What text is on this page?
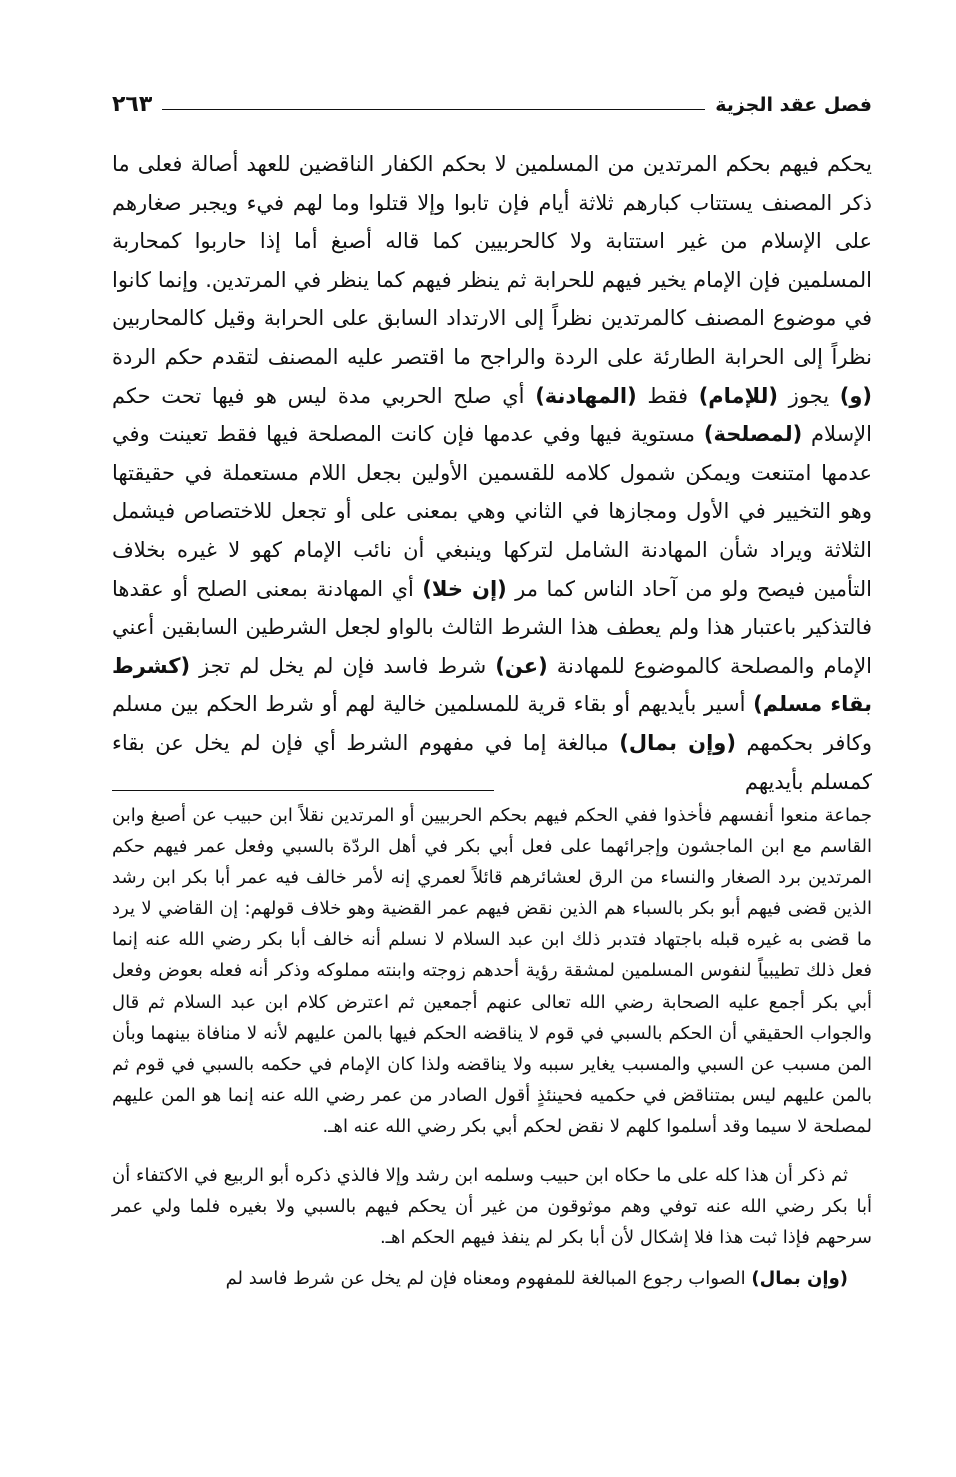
فصل عقد الجزية
٢٦٣

يحكم فيهم بحكم المرتدين من المسلمين لا بحكم الكفار الناقضين للعهد أصالة فعلى ما ذكر المصنف يستتاب كبارهم ثلاثة أيام فإن تابوا وإلا قتلوا وما لهم فيء ويجبر صغارهم على الإسلام من غير استتابة ولا كالحربيين كما قاله أصبغ أما إذا حاربوا كمحاربة المسلمين فإن الإمام يخير فيهم للحرابة ثم ينظر فيهم كما ينظر في المرتدين. وإنما كانوا في موضوع المصنف كالمرتدين نظراً إلى الارتداد السابق على الحرابة وقيل كالمحاربين نظراً إلى الحرابة الطارئة على الردة والراجح ما اقتصر عليه المصنف لتقدم حكم الردة (و) يجوز (للإمام) فقط (المهادنة) أي صلح الحربي مدة ليس هو فيها تحت حكم الإسلام (لمصلحة) مستوية فيها وفي عدمها فإن كانت المصلحة فيها فقط تعينت وفي عدمها امتنعت ويمكن شمول كلامه للقسمين الأولين بجعل اللام مستعملة في حقيقتها وهو التخيير في الأول ومجازها في الثاني وهي بمعنى على أو تجعل للاختصاص فيشمل الثلاثة ويراد شأن المهادنة الشامل لتركها وينبغي أن نائب الإمام كهو لا غيره بخلاف التأمين فيصح ولو من آحاد الناس كما مر (إن خلا) أي المهادنة بمعنى الصلح أو عقدها فالتذكير باعتبار هذا ولم يعطف هذا الشرط الثالث بالواو لجعل الشرطين السابقين أعني الإمام والمصلحة كالموضوع للمهادنة (عن) شرط فاسد فإن لم يخل لم تجز (كشرط بقاء مسلم) أسير بأيديهم أو بقاء قرية للمسلمين خالية لهم أو شرط الحكم بين مسلم وكافر بحكمهم (وإن بمال) مبالغة إما في مفهوم الشرط أي فإن لم يخل عن بقاء كمسلم بأيديهم

جماعة منعوا أنفسهم فأخذوا ففي الحكم فيهم بحكم الحربيين أو المرتدين نقلاً ابن حبيب عن أصبغ وابن القاسم مع ابن الماجشون وإجرائهما على فعل أبي بكر في أهل الردّة بالسبي وفعل عمر فيهم حكم المرتدين برد الصغار والنساء من الرق لعشائرهم قائلاً لعمري إنه لأمر خالف فيه عمر أبا بكر ابن رشد الذين قضى فيهم أبو بكر بالسباء هم الذين نقض فيهم عمر القضية وهو خلاف قولهم: إن القاضي لا يرد ما قضى به غيره قبله باجتهاد فتدبر ذلك ابن عبد السلام لا نسلم أنه خالف أبا بكر رضي الله عنه إنما فعل ذلك تطيبياً لنفوس المسلمين لمشقة رؤية أحدهم زوجته وابنته مملوكه وذكر أنه فعله بعوض وفعل أبي بكر أجمع عليه الصحابة رضي الله تعالى عنهم أجمعين ثم اعترض كلام ابن عبد السلام ثم قال والجواب الحقيقي أن الحكم بالسبي في قوم لا يناقضه الحكم فيها بالمن عليهم لأنه لا منافاة بينهما وبأن المن مسبب عن السبي والمسبب يغاير سببه ولا يناقضه ولذا كان الإمام في حكمه بالسبي في قوم ثم بالمن عليهم ليس بمتناقض في حكميه فحينئذٍ أقول الصادر من عمر رضي الله عنه إنما هو المن عليهم لمصلحة لا سيما وقد أسلموا كلهم لا نقض لحكم أبي بكر رضي الله عنه اهـ.

ثم ذكر أن هذا كله على ما حكاه ابن حبيب وسلمه ابن رشد وإلا فالذي ذكره أبو الربيع في الاكتفاء أن أبا بكر رضي الله عنه توفي وهم موثوقون من غير أن يحكم فيهم بالسبي ولا بغيره فلما ولي عمر سرحهم فإذا ثبت هذا فلا إشكال لأن أبا بكر لم ينفذ فيهم الحكم اهـ.

(وإن بمال) الصواب رجوع المبالغة للمفهوم ومعناه فإن لم يخل عن شرط فاسد لم
